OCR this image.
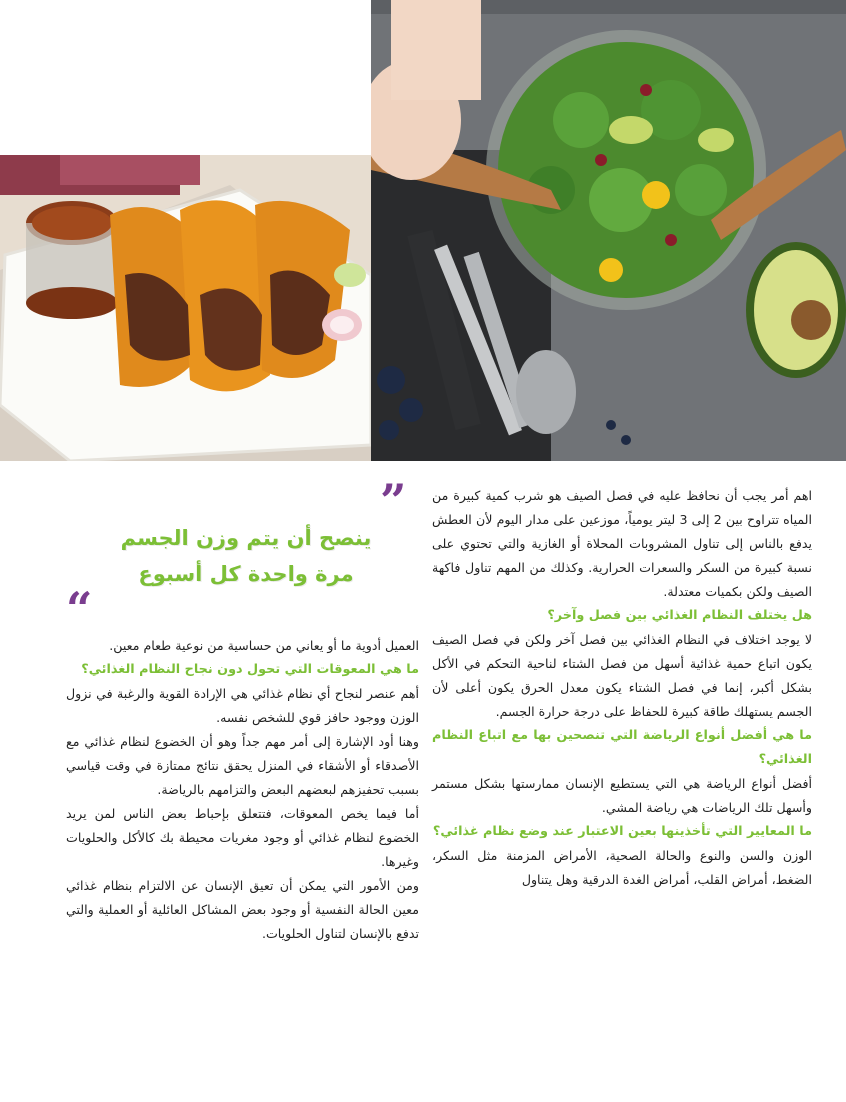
اهم أمر يجب أن نحافظ عليه في فصل الصيف هو شرب كمية كبيرة من المياه تتراوح بين 2 إلى 3 ليتر يومياً، موزعين على مدار اليوم لأن العطش يدفع بالناس إلى تناول المشروبات المحلاة أو الغازية والتي تحتوي على نسبة كبيرة من السكر والسعرات الحرارية. وكذلك من المهم تناول فاكهة الصيف ولكن بكميات معتدلة.

هل يختلف النظام الغذائي بين فصل وآخر؟

لا يوجد اختلاف في النظام الغذائي بين فصل آخر ولكن في فصل الصيف يكون اتباع حمية غذائية أسهل من فصل الشتاء لناحية التحكم في الأكل بشكل أكبر، إنما في فصل الشتاء يكون معدل الحرق يكون أعلى لأن الجسم يستهلك طاقة كبيرة للحفاظ على درجة حرارة الجسم.

ما هي أفضل أنواع الرياضة التي تنصحين بها مع اتباع النظام الغذائي؟

أفضل أنواع الرياضة هي التي يستطيع الإنسان ممارستها بشكل مستمر وأسهل تلك الرياضات هي رياضة المشي.

ما المعايير التي تأخذينها بعين الاعتبار عند وضع نظام غذائي؟

الوزن والسن والنوع والحالة الصحية، الأمراض المزمنة مثل السكر، الضغط، أمراض القلب، أمراض الغدة الدرقية وهل يتناول

”
ينصح أن يتم وزن الجسم
مرة واحدة كل أسبوع
“

العميل أدوية ما أو يعاني من حساسية من نوعية طعام معين.

ما هي المعوقات التي تحول دون نجاح النظام الغذائي؟

أهم عنصر لنجاح أي نظام غذائي هي الإرادة القوية والرغبة في نزول الوزن ووجود حافز قوي للشخص نفسه.

وهنا أود الإشارة إلى أمر مهم جداً وهو أن الخضوع لنظام غذائي مع الأصدقاء أو الأشقاء في المنزل يحقق نتائج ممتازة في وقت قياسي بسبب تحفيزهم لبعضهم البعض والتزامهم بالرياضة.

أما فيما يخص المعوقات، فتتعلق بإحباط بعض الناس لمن يريد الخضوع لنظام غذائي أو وجود مغريات محيطة بك كالأكل والحلويات وغيرها.

ومن الأمور التي يمكن أن تعيق الإنسان عن الالتزام بنظام غذائي معين الحالة النفسية أو وجود بعض المشاكل العائلية أو العملية والتي تدفع بالإنسان لتناول الحلويات.
